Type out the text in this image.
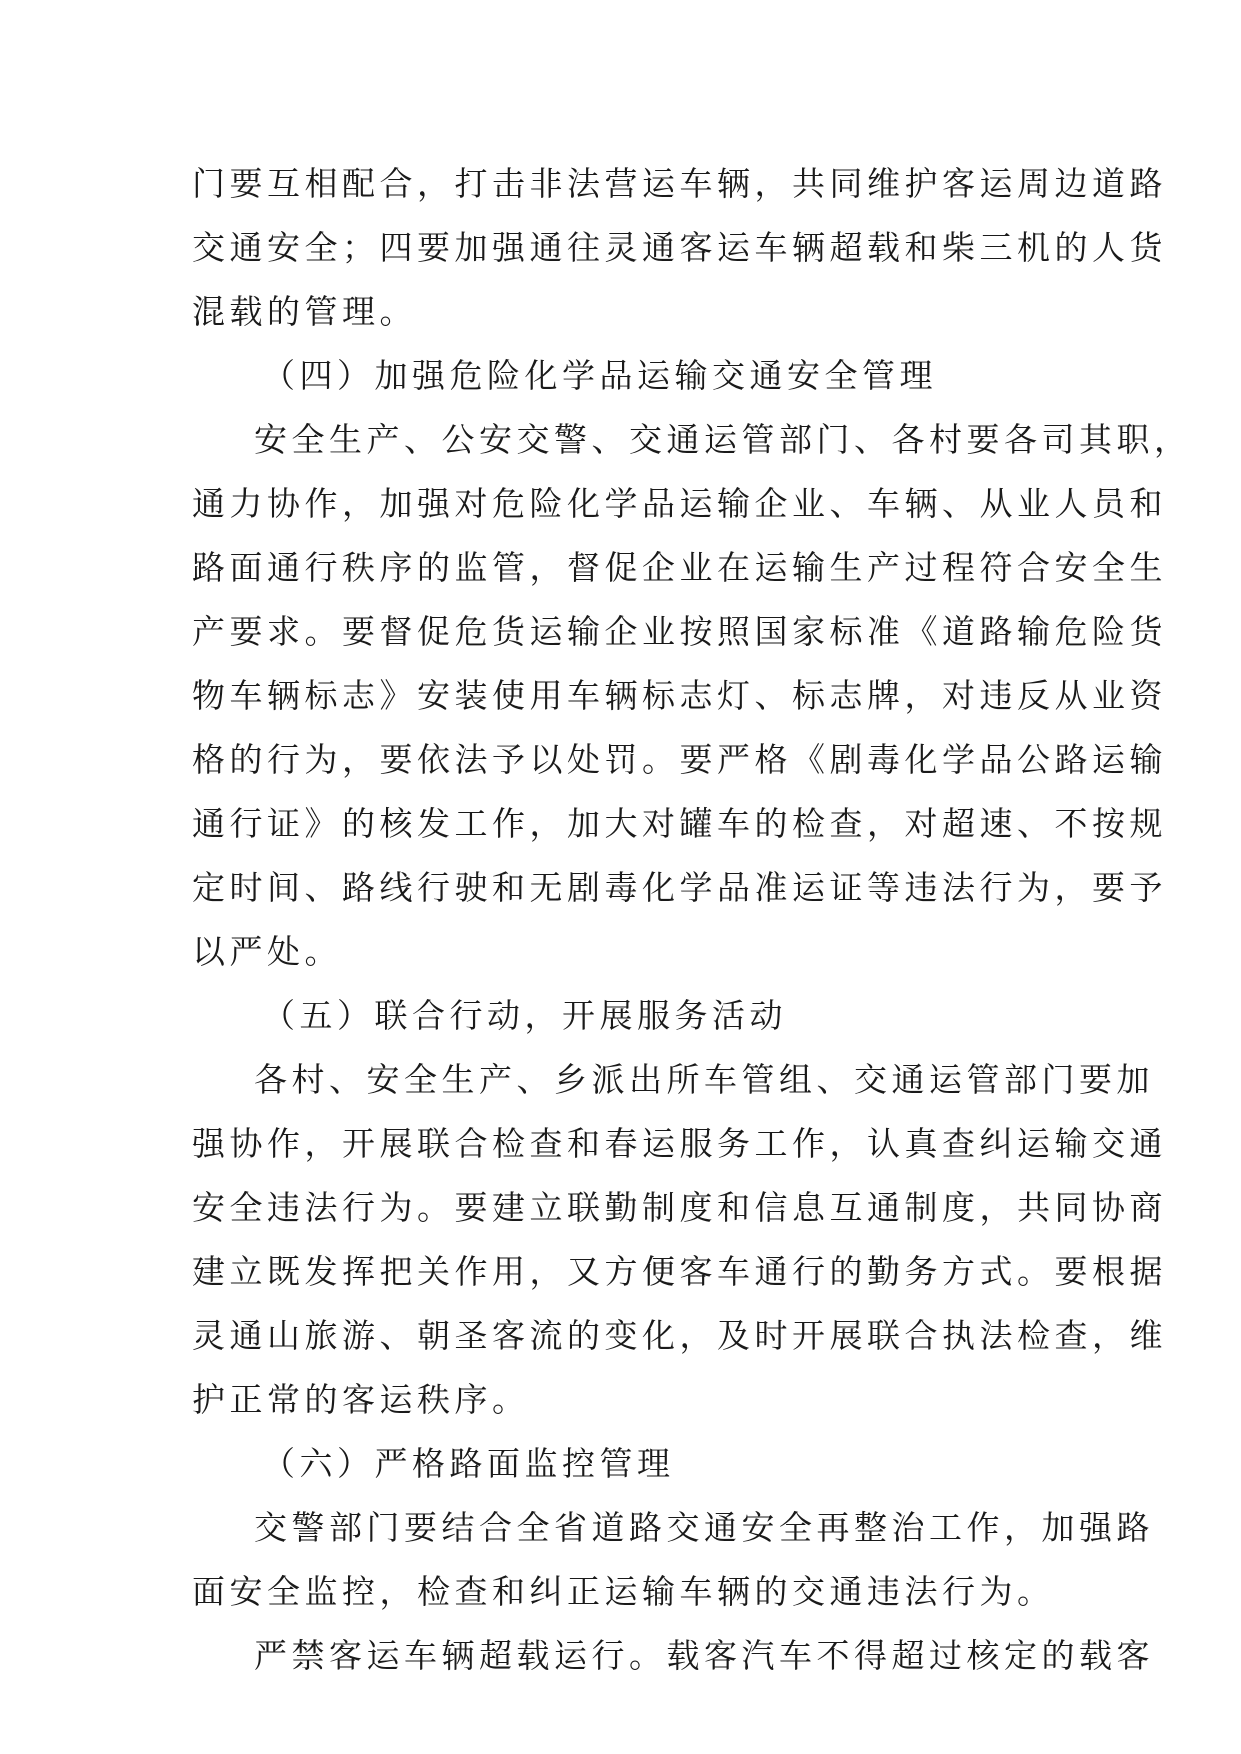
门要互相配合，打击非法营运车辆，共同维护客运周边道路
交通安全；四要加强通往灵通客运车辆超载和柴三机的人货
混载的管理。
（四）加强危险化学品运输交通安全管理
安全生产、公安交警、交通运管部门、各村要各司其职，
通力协作，加强对危险化学品运输企业、车辆、从业人员和
路面通行秩序的监管，督促企业在运输生产过程符合安全生
产要求。要督促危货运输企业按照国家标准《道路输危险货
物车辆标志》安装使用车辆标志灯、标志牌，对违反从业资
格的行为，要依法予以处罚。要严格《剧毒化学品公路运输
通行证》的核发工作，加大对罐车的检查，对超速、不按规
定时间、路线行驶和无剧毒化学品准运证等违法行为，要予
以严处。
（五）联合行动，开展服务活动
各村、安全生产、乡派出所车管组、交通运管部门要加
强协作，开展联合检查和春运服务工作，认真查纠运输交通
安全违法行为。要建立联勤制度和信息互通制度，共同协商
建立既发挥把关作用，又方便客车通行的勤务方式。要根据
灵通山旅游、朝圣客流的变化，及时开展联合执法检查，维
护正常的客运秩序。
（六）严格路面监控管理
交警部门要结合全省道路交通安全再整治工作，加强路
面安全监控，检查和纠正运输车辆的交通违法行为。
严禁客运车辆超载运行。载客汽车不得超过核定的载客
